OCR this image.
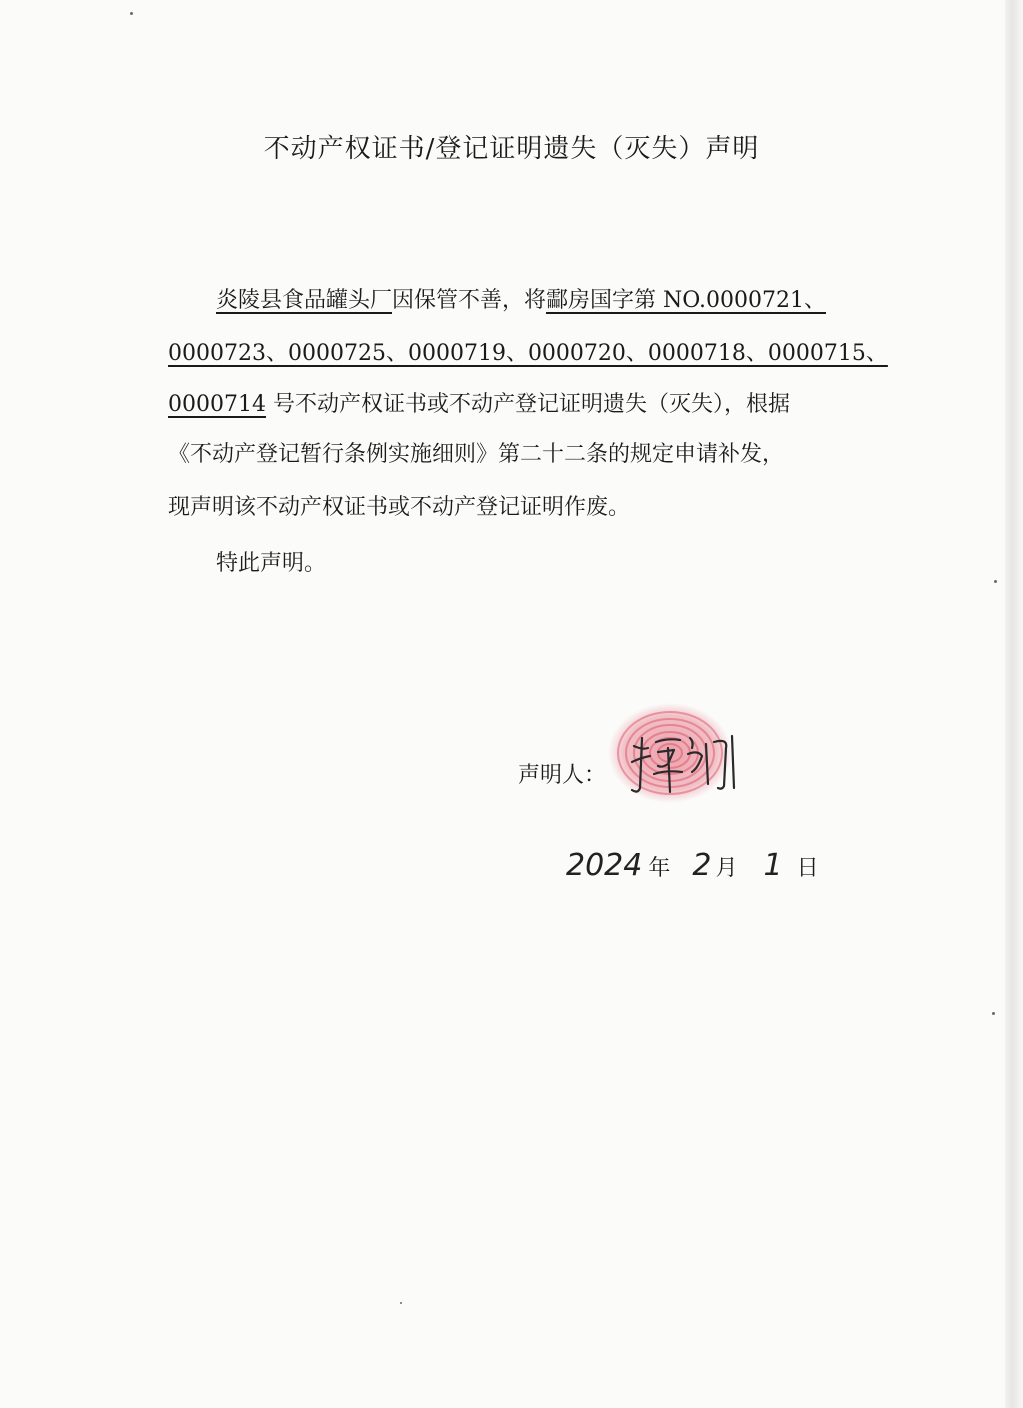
不动产权证书/登记证明遗失（灭失）声明
炎陵县食品罐头厂因保管不善，将酃房国字第 NO.0000721、
0000723、0000725、0000719、0000720、0000718、0000715、
0000714 号不动产权证书或不动产登记证明遗失（灭失），根据
《不动产登记暂行条例实施细则》第二十二条的规定申请补发，
现声明该不动产权证书或不动产登记证明作废。
特此声明。
声明人：
2024 年 2 月 1 日
